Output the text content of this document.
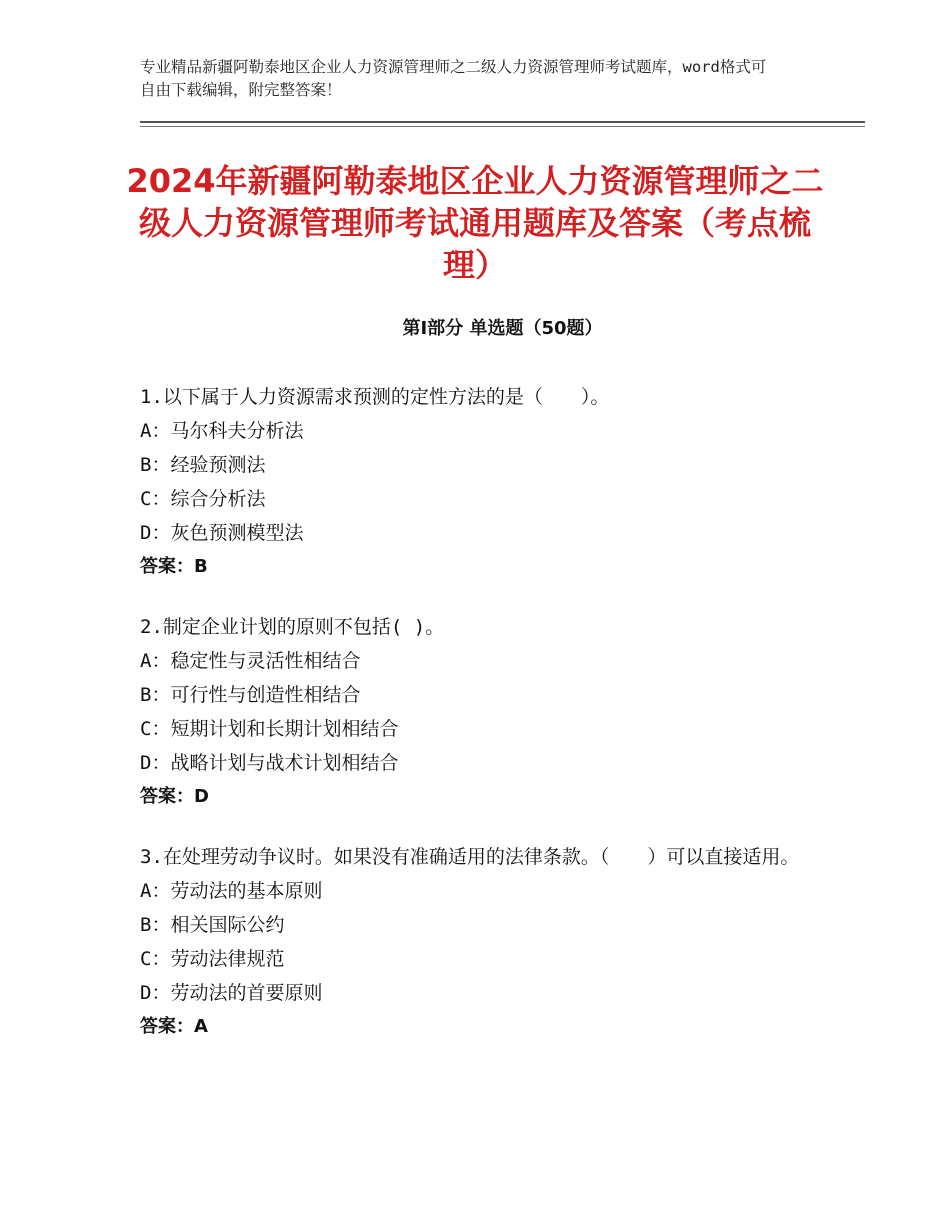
专业精品新疆阿勒泰地区企业人力资源管理师之二级人力资源管理师考试题库，word格式可自由下载编辑，附完整答案！
2024年新疆阿勒泰地区企业人力资源管理师之二级人力资源管理师考试通用题库及答案（考点梳理）
第Ⅰ部分 单选题（50题）
1.以下属于人力资源需求预测的定性方法的是（　　）。
A：马尔科夫分析法
B：经验预测法
C：综合分析法
D：灰色预测模型法
答案：B
2.制定企业计划的原则不包括( )。
A：稳定性与灵活性相结合
B：可行性与创造性相结合
C：短期计划和长期计划相结合
D：战略计划与战术计划相结合
答案：D
3.在处理劳动争议时。如果没有准确适用的法律条款。（　　）可以直接适用。
A：劳动法的基本原则
B：相关国际公约
C：劳动法律规范
D：劳动法的首要原则
答案：A
